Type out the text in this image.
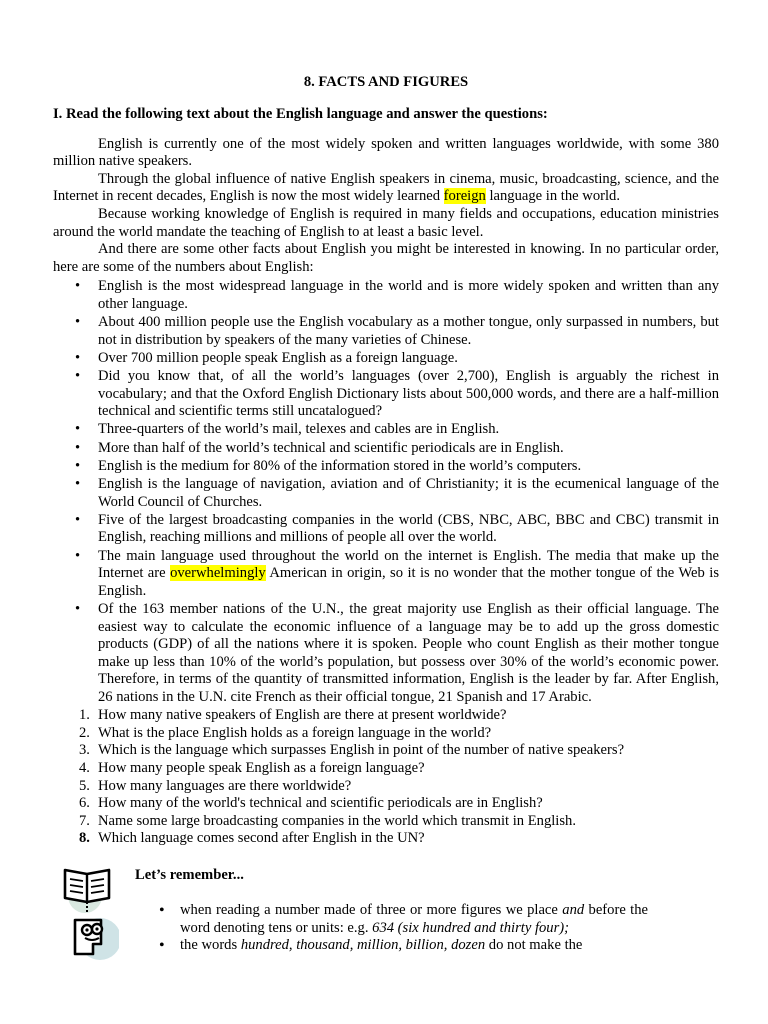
8. FACTS AND FIGURES
I. Read the following text about the English language and answer the questions:

English is currently one of the most widely spoken and written languages worldwide, with some 380 million native speakers.

Through the global influence of native English speakers in cinema, music, broadcasting, science, and the Internet in recent decades, English is now the most widely learned foreign language in the world.

Because working knowledge of English is required in many fields and occupations, education ministries around the world mandate the teaching of English to at least a basic level.

And there are some other facts about English you might be interested in knowing. In no particular order, here are some of the numbers about English:

• English is the most widespread language in the world and is more widely spoken and written than any other language.
• About 400 million people use the English vocabulary as a mother tongue, only surpassed in numbers, but not in distribution by speakers of the many varieties of Chinese.
• Over 700 million people speak English as a foreign language.
• Did you know that, of all the world’s languages (over 2,700), English is arguably the richest in vocabulary; and that the Oxford English Dictionary lists about 500,000 words, and there are a half-million technical and scientific terms still uncatalogued?
• Three-quarters of the world’s mail, telexes and cables are in English.
• More than half of the world’s technical and scientific periodicals are in English.
• English is the medium for 80% of the information stored in the world’s computers.
• English is the language of navigation, aviation and of Christianity; it is the ecumenical language of the World Council of Churches.
• Five of the largest broadcasting companies in the world (CBS, NBC, ABC, BBC and CBC) transmit in English, reaching millions and millions of people all over the world.
• The main language used throughout the world on the internet is English. The media that make up the Internet are overwhelmingly American in origin, so it is no wonder that the mother tongue of the Web is English.
• Of the 163 member nations of the U.N., the great majority use English as their official language. The easiest way to calculate the economic influence of a language may be to add up the gross domestic products (GDP) of all the nations where it is spoken. People who count English as their mother tongue make up less than 10% of the world’s population, but possess over 30% of the world’s economic power. Therefore, in terms of the quantity of transmitted information, English is the leader by far. After English, 26 nations in the U.N. cite French as their official tongue, 21 Spanish and 17 Arabic.
1. How many native speakers of English are there at present worldwide?
2. What is the place English holds as a foreign language in the world?
3. Which is the language which surpasses English in point of the number of native speakers?
4. How many people speak English as a foreign language?
5. How many languages are there worldwide?
6. How many of the world's technical and scientific periodicals are in English?
7. Name some large broadcasting companies in the world which transmit in English.
8. Which language comes second after English in the UN?
Let’s remember...
• when reading a number made of three or more figures we place and before the word denoting tens or units: e.g. 634 (six hundred and thirty four);
• the words hundred, thousand, million, billion, dozen do not make the
